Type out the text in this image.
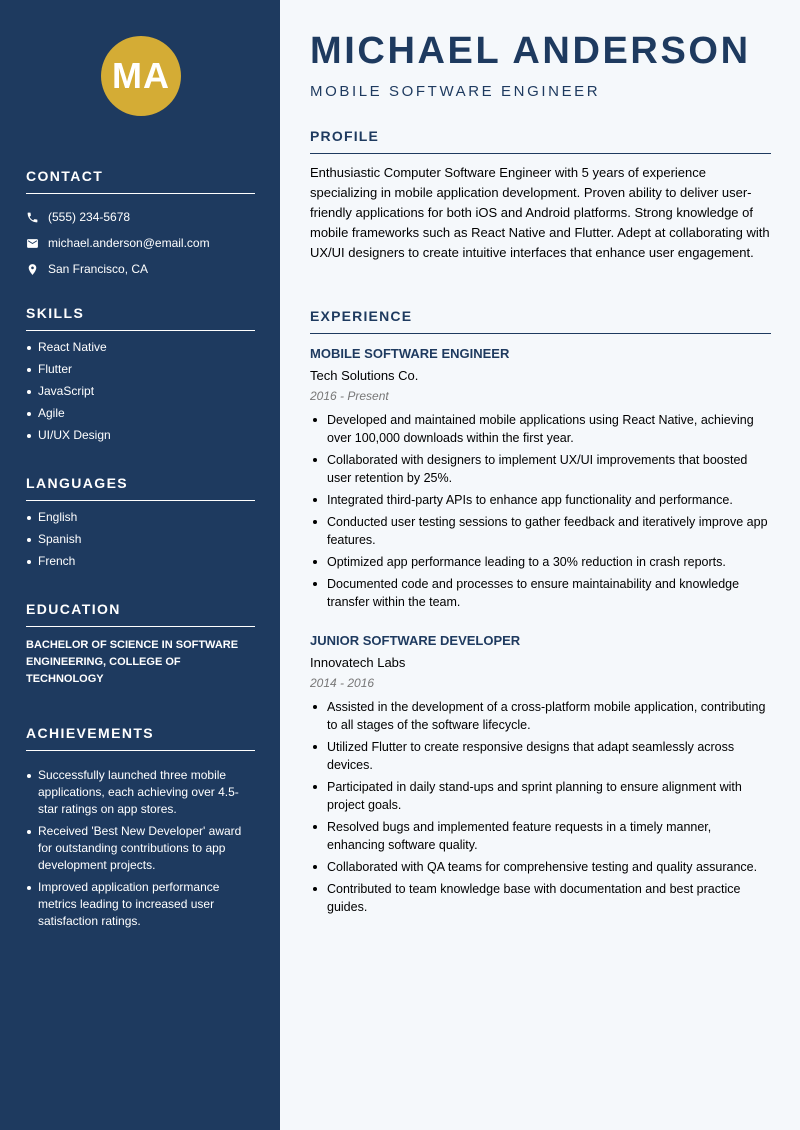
MA
CONTACT
(555) 234-5678
michael.anderson@email.com
San Francisco, CA
SKILLS
React Native
Flutter
JavaScript
Agile
UI/UX Design
LANGUAGES
English
Spanish
French
EDUCATION
BACHELOR OF SCIENCE IN SOFTWARE ENGINEERING, COLLEGE OF TECHNOLOGY
ACHIEVEMENTS
Successfully launched three mobile applications, each achieving over 4.5-star ratings on app stores.
Received 'Best New Developer' award for outstanding contributions to app development projects.
Improved application performance metrics leading to increased user satisfaction ratings.
MICHAEL ANDERSON
MOBILE SOFTWARE ENGINEER
PROFILE
Enthusiastic Computer Software Engineer with 5 years of experience specializing in mobile application development. Proven ability to deliver user-friendly applications for both iOS and Android platforms. Strong knowledge of mobile frameworks such as React Native and Flutter. Adept at collaborating with UX/UI designers to create intuitive interfaces that enhance user engagement.
EXPERIENCE
MOBILE SOFTWARE ENGINEER
Tech Solutions Co.
2016 - Present
Developed and maintained mobile applications using React Native, achieving over 100,000 downloads within the first year.
Collaborated with designers to implement UX/UI improvements that boosted user retention by 25%.
Integrated third-party APIs to enhance app functionality and performance.
Conducted user testing sessions to gather feedback and iteratively improve app features.
Optimized app performance leading to a 30% reduction in crash reports.
Documented code and processes to ensure maintainability and knowledge transfer within the team.
JUNIOR SOFTWARE DEVELOPER
Innovatech Labs
2014 - 2016
Assisted in the development of a cross-platform mobile application, contributing to all stages of the software lifecycle.
Utilized Flutter to create responsive designs that adapt seamlessly across devices.
Participated in daily stand-ups and sprint planning to ensure alignment with project goals.
Resolved bugs and implemented feature requests in a timely manner, enhancing software quality.
Collaborated with QA teams for comprehensive testing and quality assurance.
Contributed to team knowledge base with documentation and best practice guides.
